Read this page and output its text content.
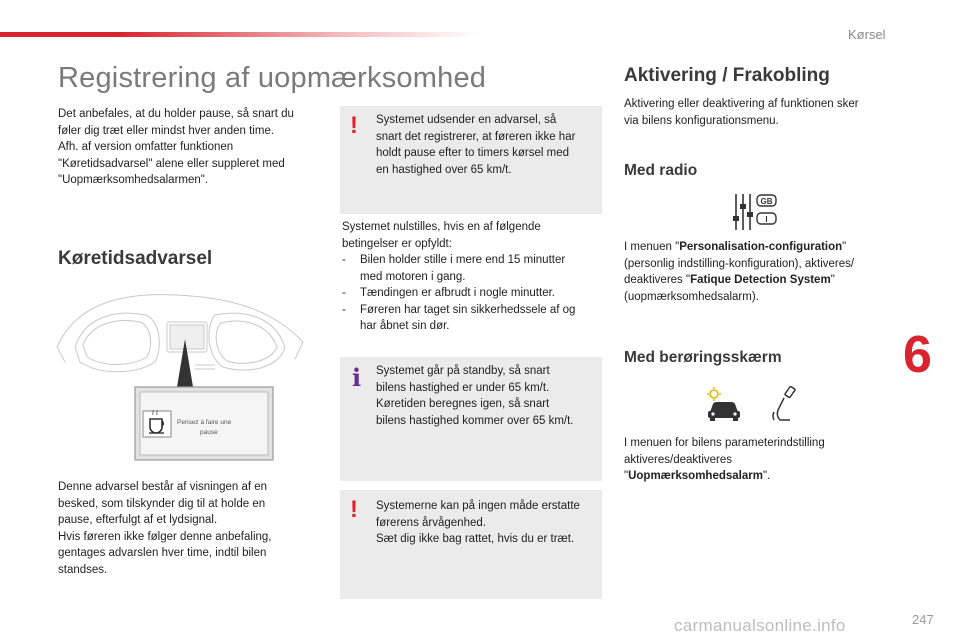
Kørsel
Registrering af uopmærksomhed
Det anbefales, at du holder pause, så snart du
føler dig træt eller mindst hver anden time.
Afh. af version omfatter funktionen
"Køretidsadvarsel" alene eller suppleret med
"Uopmærksomhedsalarmen".
Køretidsadvarsel
Pensez à faire une
pause
Denne advarsel består af visningen af en
besked, som tilskynder dig til at holde en
pause, efterfulgt af et lydsignal.
Hvis føreren ikke følger denne anbefaling,
gentages advarslen hver time, indtil bilen
standses.
! Systemet udsender en advarsel, så
snart det registrerer, at føreren ikke har
holdt pause efter to timers kørsel med
en hastighed over 65 km/t.
Systemet nulstilles, hvis en af følgende
betingelser er opfyldt:
- Bilen holder stille i mere end 15 minutter
med motoren i gang.
- Tændingen er afbrudt i nogle minutter.
- Føreren har taget sin sikkerhedssele af og
har åbnet sin dør.
i Systemet går på standby, så snart
bilens hastighed er under 65 km/t.
Køretiden beregnes igen, så snart
bilens hastighed kommer over 65 km/t.
! Systemerne kan på ingen måde erstatte
førerens årvågenhed.
Sæt dig ikke bag rattet, hvis du er træt.
Aktivering / Frakobling
Aktivering eller deaktivering af funktionen sker
via bilens konfigurationsmenu.
Med radio
GB
I
I menuen "Personalisation-configuration"
(personlig indstilling-konfiguration), aktiveres/
deaktiveres "Fatique Detection System"
(uopmærksomhedsalarm).
Med berøringsskærm
I menuen for bilens parameterindstilling
aktiveres/deaktiveres
"Uopmærksomhedsalarm".
6
carmanualsonline.info	247
